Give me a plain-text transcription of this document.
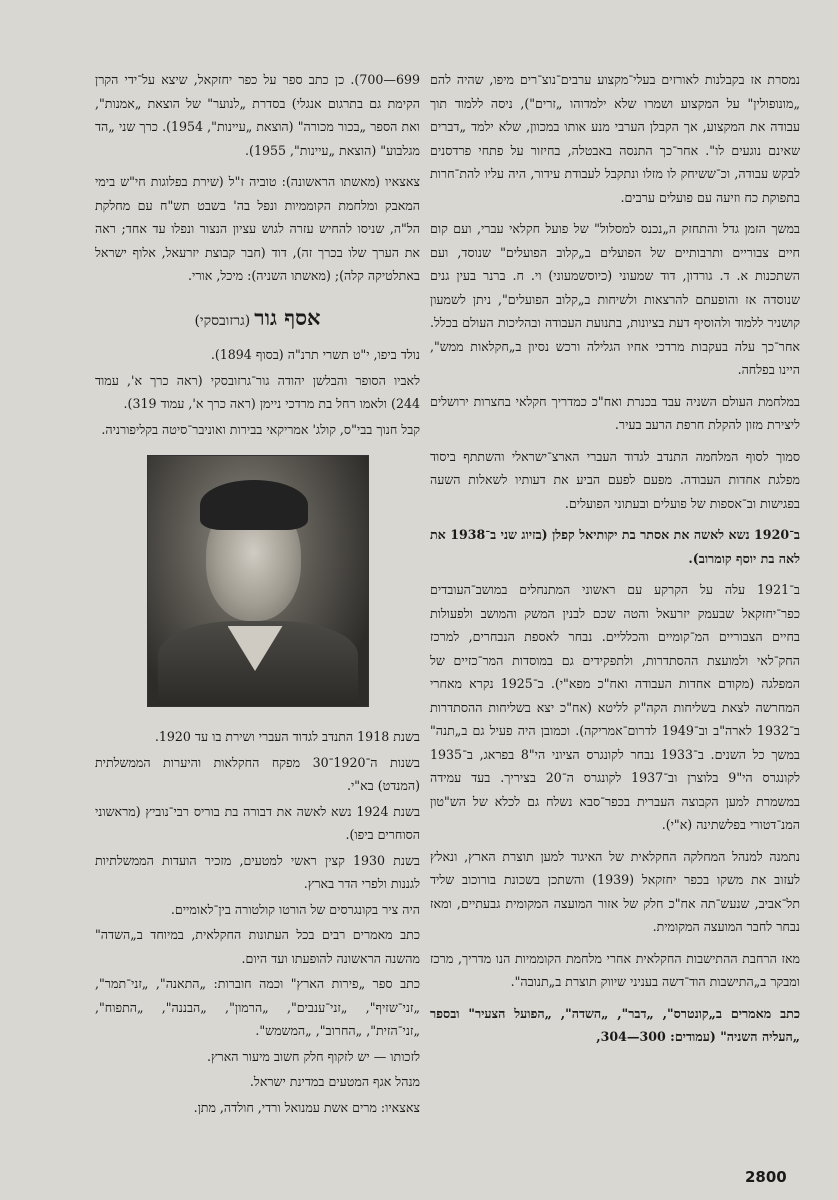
נמסרת אז בקבלנות לאורזים בעלי־מקצוע ערבים־נוצ־רים מיפו, שהיה להם „מונופולין" על המקצוע ושמרו שלא ילמדוהו „זרים"), ניסה ללמוד תוך עבודה את המקצוע, אך הקבלן הערבי מנע אותו במכוון, שלא ילמד „דברים שאינם נוגעים לו". אחר־כך התנסה באבטלה, בחיזור על פתחי פרדסנים לבקש עבודה, וכ־ששיחק לו מזלו ונתקבל לעבודת עידור, היה עליו להת־חרות בתפוקת כח וזיעה עם פועלים ערבים.

במשך הזמן גדל והתחזק ה„נכנס למסלול" של פועל חקלאי עברי, ועם קום חיים צבוריים ותרבותיים של הפועלים ב„קלוב הפועלים" שנוסד, ועם השתכנות א. ד. גורדון, דוד שמעוני (כיוסשמעוני) וי. ח. ברנר בעין גנים שנוסדה אז והופעתם להרצאות ולשיחות ב„קלוב הפועלים", ניתן לשמעון קושניר ללמוד ולהוסיף דעת בציונות, בתנועת העבודה ובהליכות העולם בכלל. אחר־כך עלה בעקבות מרדכי אחיו הגלילה ורכש נסיון ב„חקלאות ממש", היינו בפלחה.

במלחמת העולם השניה עבד בכנרת ואח"כ כמדריך חקלאי בחצרות ירושלים ליצירת מזון להקלת חרפת הרעב בעיר.

סמוך לסוף המלחמה התנדב לגדוד העברי הארצ־ישראלי והשתתף ביסוד מפלגת אחדות העבודה. מפעם לפעם הביע את דעותיו לשאלות השעה בפגישות וב־אספות של פועלים ובעתוני הפועלים.

ב־1920 נשא לאשה את אסתר בת יקותיאל קפלן (בזיוג שני ב־1938 את לאה בת יוסף קומרוב).

ב־1921 עלה על הקרקע עם ראשוני המתנחלים במושב־העובדים כפר־יחזקאל שבעמק יזרעאל והטה שכם לבנין המשק והמושב ולפעולות בחיים הצבוריים המ־קומיים והכלליים. נבחר לאספת הנבחרים, למרכז החק־לאי ולמועצת ההסתדרות, ולתפקידים גם במוסדות המר־כזיים של המפלגה (מקודם אחדות העבודה ואח"כ מפא"י). ב־1925 נקרא מאחרי המחרשה לצאת בשליחות הקה"ק לליטא (אח"כ יצא בשליחות ההסתדרות ב־1932 לארה"ב וב־1949 לדרום־אמריקה). וכמובן היה פעיל גם ב„תנה" במשך כל השנים. ב־1933 נבחר לקונגרס הציוני הי"8 בפראג, ב־1935 לקונגרס הי"9 בלוצרן וב־1937 לקונגרס ה־20 בציריך. בעד עמידה במשמרת למען הקבוצה העברית בכפר־סבא נשלח גם לכלא של הש"טון המנ־דטורי בפלשתינה (א"י).

נתמנה למנהל המחלקה החקלאית של האיגוד למען תוצרת הארץ, ונאלץ לעזוב את משקו בכפר יחזקאל (1939) והשתכן בשכונת בורוכוב שליד תל־אביב, שנעש־תה אח"כ חלק של אזור המועצה המקומית גבעתיים, ומאז נבחר לחבר המועצה המקומית.

מאז הרחבת ההתישבות החקלאית אחרי מלחמת הקוממיות הנו מדריך, מרכז ומבקר ב„התישבות הוד־דשה בעניני שיווק תוצרת ב„תנובה".

כתב מאמרים ב„קונטרס", „דבר", „השדה", „הפועל הצעיר" ובספר „העליה השניה" (עמודים: 300—304,

699—700). כן כתב ספר על כפר יחזקאל, שיצא על־ידי הקרן הקימת גם בתרגום אנגלי) בסדרת „לנוער" של הוצאת „אמנות", ואת הספר „בכור מכורה" (הוצאת „עיינות", 1954). כרך שני „הד מגלבוע" (הוצאת „עיינות", 1955).

צאצאיו (מאשתו הראשונה): טוביה ז"ל (שירת בפלוגות חי"ש בימי המאבק ומלחמת הקוממיות ונפל בה' בשבט תש"ח עם מחלקת הל"ה, שניסו להחיש עזרה לגוש עציון הנצור ונפלו עד אחד; ראה את הערך שלו בכרך זה), דוד (חבר קבוצת יזרעאל, אלוף ישראל באתלטיקה קלה); (מאשתו השניה): מיכל, אורי.

אסף גור (גרזובסקי)

נולד ביפו, י"ט תשרי תרנ"ה (בסוף 1894).

לאביו הסופר והבלשן יהודה גור־גרזובסקי (ראה כרך א', עמוד 244) ולאמו רחל בת מרדכי ניימן (ראה כרך א', עמוד 319).

קבל חנוך בבי"ס, קולג' אמריקאי בבירות ואוניבר־סיטה בקליפורניה.

בשנת 1918 התנדב לגדוד העברי ושירת בו עד 1920.

בשנות ה־1920־30 מפקח החקלאות והיערות הממשלתית (המנדט) בא"י.

בשנת 1924 נשא לאשה את דבורה בת בוריס רבי־נוביץ (מראשוני הסוחרים ביפו).

בשנת 1930 קצין ראשי למטעים, מזכיר הועדות הממשלתיות לגננות ולפרי הדר בארץ.

היה ציר בקונגרסים של הורטו קולטורה בין־לאומיים.

כתב מאמרים רבים בכל העתונות החקלאית, במיוחד ב„השדה" מהשנה הראשונה להופעתו ועד היום.

כתב ספר „פירות הארץ" וכמה חוברות: „התאנה", „זני־תמר", „זני־שזיף", „זני־ענבים", „הרמון", „הבננה", „התפוח", „זני־הזית", „החרוב", „המשמש".

לזכותו — יש לזקוף חלק חשוב מיעור הארץ.

מנהל אגף המטעים במדינת ישראל.

צאצאיו: מרים אשת עמנואל ורדי, חולדה, מתן.

2800
